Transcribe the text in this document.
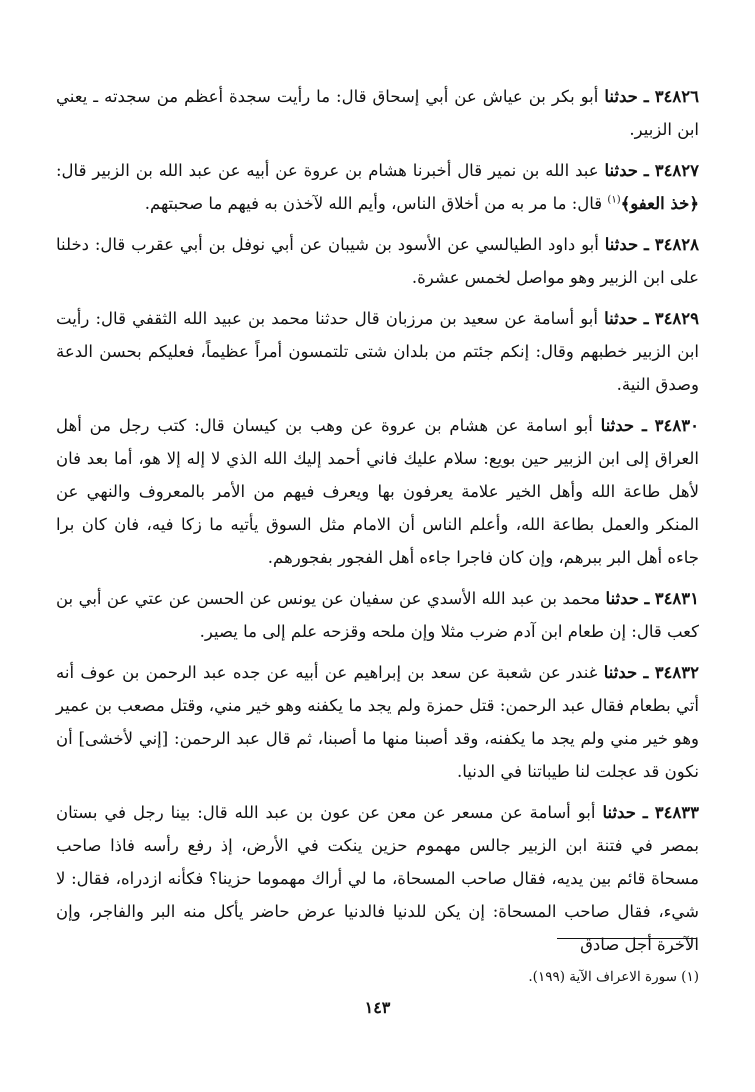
٣٤٨٢٦ ـ حدثنا أبو بكر بن عياش عن أبي إسحاق قال: ما رأيت سجدة أعظم من سجدته ـ يعني ابن الزبير.

٣٤٨٢٧ ـ حدثنا عبد الله بن نمير قال أخبرنا هشام بن عروة عن أبيه عن عبد الله بن الزبير قال: ﴿خذ العفو﴾$^{(١)}$ قال: ما مر به من أخلاق الناس، وأيم الله لآخذن به فيهم ما صحبتهم.

٣٤٨٢٨ ـ حدثنا أبو داود الطيالسي عن الأسود بن شيبان عن أبي نوفل بن أبي عقرب قال: دخلنا على ابن الزبير وهو مواصل لخمس عشرة.

٣٤٨٢٩ ـ حدثنا أبو أسامة عن سعيد بن مرزبان قال حدثنا محمد بن عبيد الله الثقفي قال: رأيت ابن الزبير خطبهم وقال: إنكم جئتم من بلدان شتى تلتمسون أمراً عظيماً، فعليكم بحسن الدعة وصدق النية.

٣٤٨٣٠ ـ حدثنا أبو اسامة عن هشام بن عروة عن وهب بن كيسان قال: كتب رجل من أهل العراق إلى ابن الزبير حين بويع: سلام عليك فاني أحمد إليك الله الذي لا إله إلا هو، أما بعد فان لأهل طاعة الله وأهل الخير علامة يعرفون بها ويعرف فيهم من الأمر بالمعروف والنهي عن المنكر والعمل بطاعة الله، وأعلم الناس أن الامام مثل السوق يأتيه ما زكا فيه، فان كان برا جاءه أهل البر ببرهم، وإن كان فاجرا جاءه أهل الفجور بفجورهم.

٣٤٨٣١ ـ حدثنا محمد بن عبد الله الأسدي عن سفيان عن يونس عن الحسن عن عتي عن أبي بن كعب قال: إن طعام ابن آدم ضرب مثلا وإن ملحه وقزحه علم إلى ما يصير.

٣٤٨٣٢ ـ حدثنا غندر عن شعبة عن سعد بن إبراهيم عن أبيه عن جده عبد الرحمن بن عوف أنه أتي بطعام فقال عبد الرحمن: قتل حمزة ولم يجد ما يكفنه وهو خير مني، وقتل مصعب بن عمير وهو خير مني ولم يجد ما يكفنه، وقد أصبنا منها ما أصبنا، ثم قال عبد الرحمن: [إني لأخشى] أن نكون قد عجلت لنا طيباتنا في الدنيا.

٣٤٨٣٣ ـ حدثنا أبو أسامة عن مسعر عن معن عن عون بن عبد الله قال: بينا رجل في بستان بمصر في فتنة ابن الزبير جالس مهموم حزين ينكت في الأرض، إذ رفع رأسه فاذا صاحب مسحاة قائم بين يديه، فقال صاحب المسحاة، ما لي أراك مهموما حزينا؟ فكأنه ازدراه، فقال: لا شيء، فقال صاحب المسحاة: إن يكن للدنيا فالدنيا عرض حاضر يأكل منه البر والفاجر، وإن الآخرة أجل صادق

(١) سورة الاعراف الآية (١٩٩).
١٤٣
